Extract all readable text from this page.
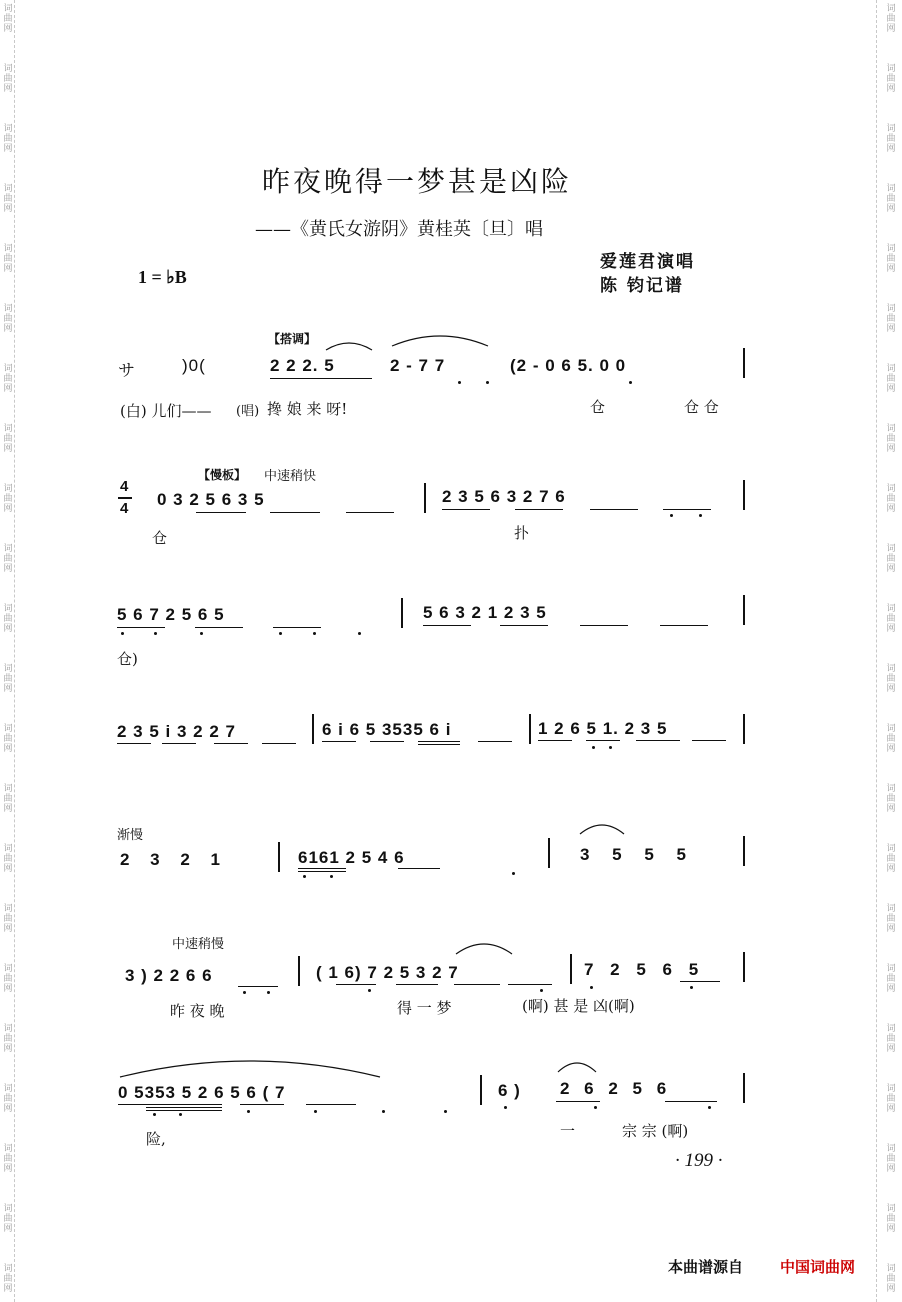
词
曲
网
词
曲
网
词
曲
网
词
曲
网
词
曲
网
词
曲
网
词
曲
网
词
曲
网
词
曲
网
词
曲
网
词
曲
网
词
曲
网
词
曲
网
词
曲
网
词
曲
网
词
曲
网
词
曲
网
词
曲
网
词
曲
网
词
曲
网
词
曲
网
词
曲
网
词
曲
网
词
曲
网
词
曲
网
词
曲
网
词
曲
网
词
曲
网
词
曲
网
词
曲
网
词
曲
网
词
曲
网
词
曲
网
词
曲
网
词
曲
网
词
曲
网
词
曲
网
词
曲
网
词
曲
网
词
曲
网
词
曲
网
词
曲
网
词
曲
网
词
曲
网
昨夜晚得一梦甚是凶险
——《黄氏女游阴》黄桂英〔旦〕唱
爱莲君演唱
陈 钧记谱
1 = ♭B
【搭调】
サ	)0(	2 2 2. 5	2 - 7 7	(2 - 0 6 5. 0 0
(白) 儿们—— (唱) 搀 娘 来 呀!	仓	仓 仓
【慢板】 中速稍快
4
4 0 3 2 5 6 3 5	2 3 5 6 3 2 7 6
仓	扑
5 6 7 2 5 6 5	5 6 3 2 1 2 3 5
仓)
2 3 5 i 3 2 2 7	6 i 6 5 3535 6 i	1 2 6 5 1. 2 3 5
渐慢
2 3 2 1	6161 2 5 4 6	3 5 5 5
中速稍慢
3 ) 2 2 6 6	( 1 6) 7 2 5 3 2 7	7 2 5 6 5
昨 夜 晚	得 一 梦	(啊) 甚 是 凶(啊)
0 5353 5 2 6 5 6 ( 7	6 ) 2 6 2 5 6
险,	一	宗 宗 (啊)
· 199 ·
本曲谱源自 中国词曲网
